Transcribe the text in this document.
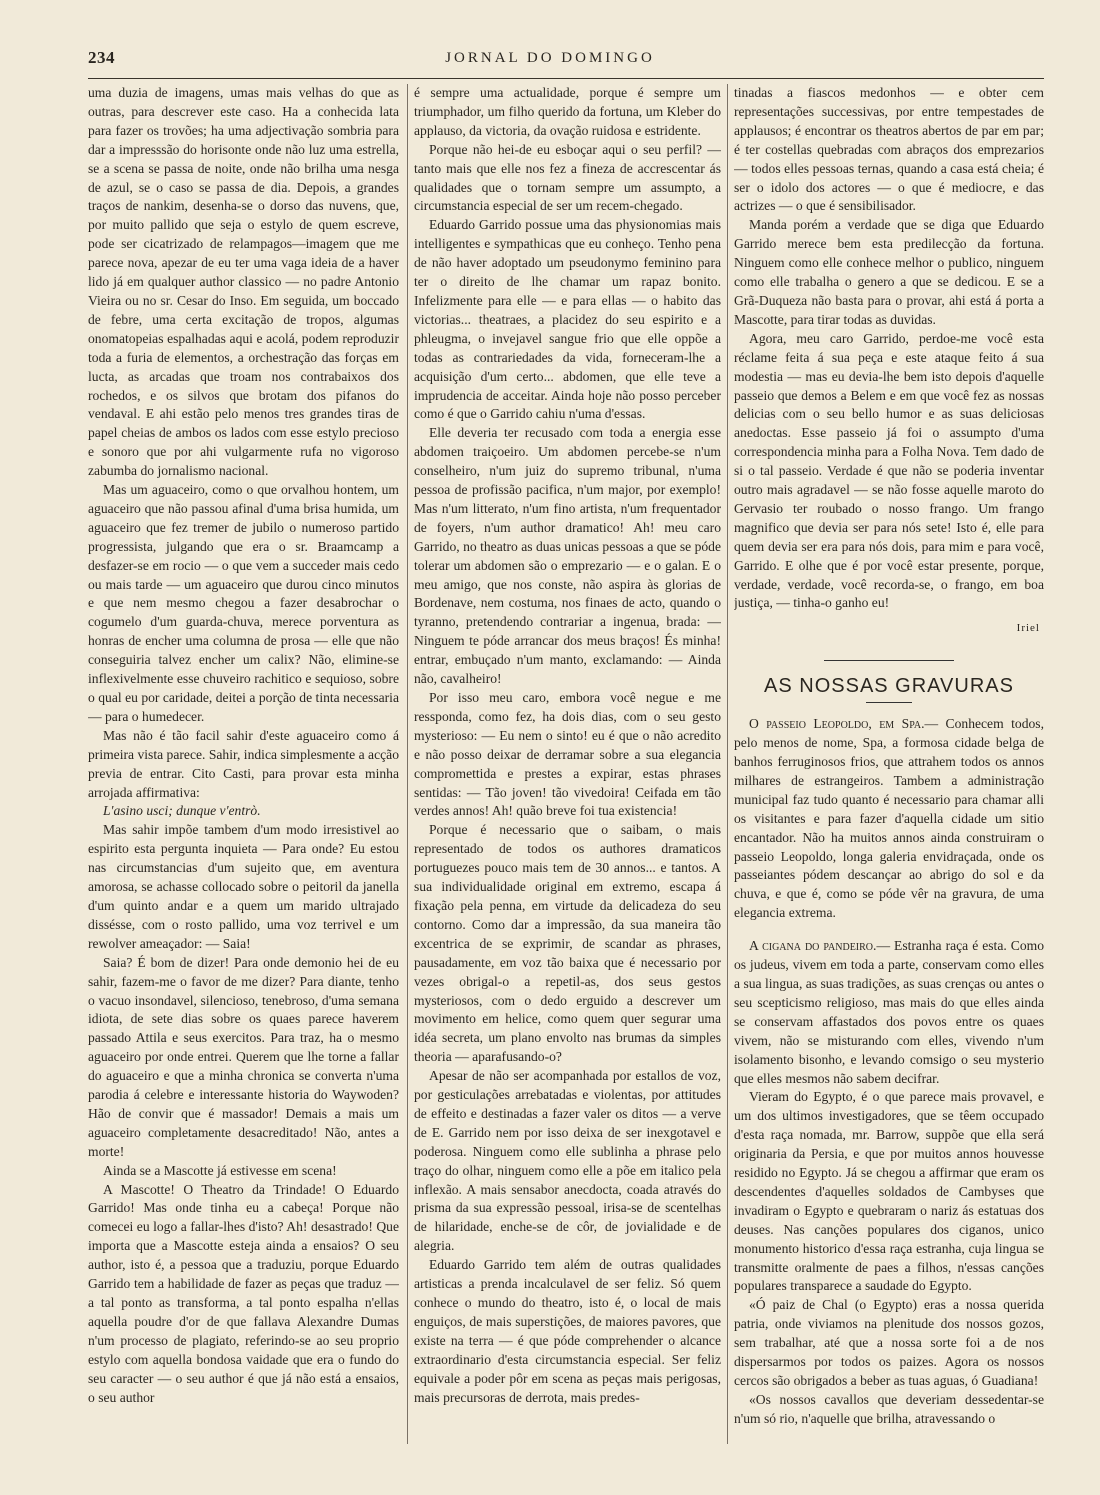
234	JORNAL DO DOMINGO

uma duzia de imagens, umas mais velhas do que as outras, para descrever este caso. Ha a conhecida lata para fazer os trovões; ha uma adjectivação sombria para dar a impresssão do horisonte onde não luz uma estrella, se a scena se passa de noite, onde não brilha uma nesga de azul, se o caso se passa de dia. Depois, a grandes traços de nankim, desenha-se o dorso das nuvens, que, por muito pallido que seja o estylo de quem escreve, pode ser cicatrizado de relampagos—imagem que me parece nova, apezar de eu ter uma vaga ideia de a haver lido já em qualquer author classico — no padre Antonio Vieira ou no sr. Cesar do Inso. Em seguida, um boccado de febre, uma certa excitação de tropos, algumas onomatopeias espalhadas aqui e acolá, podem reproduzir toda a furia de elementos, a orchestração das forças em lucta, as arcadas que troam nos contrabaixos dos rochedos, e os silvos que brotam dos pifanos do vendaval. E ahi estão pelo menos tres grandes tiras de papel cheias de ambos os lados com esse estylo precioso e sonoro que por ahi vulgarmente rufa no vigoroso zabumba do jornalismo nacional.

Mas um aguaceiro, como o que orvalhou hontem, um aguaceiro que não passou afinal d'uma brisa humida, um aguaceiro que fez tremer de jubilo o numeroso partido progressista, julgando que era o sr. Braamcamp a desfazer-se em rocio — o que vem a succeder mais cedo ou mais tarde — um aguaceiro que durou cinco minutos e que nem mesmo chegou a fazer desabrochar o cogumelo d'um guarda-chuva, merece porventura as honras de encher uma columna de prosa — elle que não conseguiria talvez encher um calix? Não, elimine-se inflexivelmente esse chuveiro rachitico e sequioso, sobre o qual eu por caridade, deitei a porção de tinta necessaria — para o humedecer.

Mas não é tão facil sahir d'este aguaceiro como á primeira vista parece. Sahir, indica simplesmente a acção previa de entrar. Cito Casti, para provar esta minha arrojada affirmativa:

L'asino usci; dunque v'entrò.

Mas sahir impõe tambem d'um modo irresistivel ao espirito esta pergunta inquieta — Para onde? Eu estou nas circumstancias d'um sujeito que, em aventura amorosa, se achasse collocado sobre o peitoril da janella d'um quinto andar e a quem um marido ultrajado dissésse, com o rosto pallido, uma voz terrivel e um rewolver ameaçador: — Saia!

Saia? É bom de dizer! Para onde demonio hei de eu sahir, fazem-me o favor de me dizer? Para diante, tenho o vacuo insondavel, silencioso, tenebroso, d'uma semana idiota, de sete dias sobre os quaes parece haverem passado Attila e seus exercitos. Para traz, ha o mesmo aguaceiro por onde entrei. Querem que lhe torne a fallar do aguaceiro e que a minha chronica se converta n'uma parodia á celebre e interessante historia do Waywoden? Hão de convir que é massador! Demais a mais um aguaceiro completamente desacreditado! Não, antes a morte!

Ainda se a Mascotte já estivesse em scena!

A Mascotte! O Theatro da Trindade! O Eduardo Garrido! Mas onde tinha eu a cabeça! Porque não comecei eu logo a fallar-lhes d'isto? Ah! desastrado! Que importa que a Mascotte esteja ainda a ensaios? O seu author, isto é, a pessoa que a traduziu, porque Eduardo Garrido tem a habilidade de fazer as peças que traduz — a tal ponto as transforma, a tal ponto espalha n'ellas aquella poudre d'or de que fallava Alexandre Dumas n'um processo de plagiato, referindo-se ao seu proprio estylo com aquella bondosa vaidade que era o fundo do seu caracter — o seu author é que já não está a ensaios, o seu author

é sempre uma actualidade, porque é sempre um triumphador, um filho querido da fortuna, um Kleber do applauso, da victoria, da ovação ruidosa e estridente.

Porque não hei-de eu esboçar aqui o seu perfil? — tanto mais que elle nos fez a fineza de accrescentar ás qualidades que o tornam sempre um assumpto, a circumstancia especial de ser um recem-chegado.

Eduardo Garrido possue uma das physionomias mais intelligentes e sympathicas que eu conheço. Tenho pena de não haver adoptado um pseudonymo feminino para ter o direito de lhe chamar um rapaz bonito. Infelizmente para elle — e para ellas — o habito das victorias... theatraes, a placidez do seu espirito e a phleugma, o invejavel sangue frio que elle oppõe a todas as contrariedades da vida, forneceram-lhe a acquisição d'um certo... abdomen, que elle teve a imprudencia de acceitar. Ainda hoje não posso perceber como é que o Garrido cahiu n'uma d'essas.

Elle deveria ter recusado com toda a energia esse abdomen traiçoeiro. Um abdomen percebe-se n'um conselheiro, n'um juiz do supremo tribunal, n'uma pessoa de profissão pacifica, n'um major, por exemplo! Mas n'um litterato, n'um fino artista, n'um frequentador de foyers, n'um author dramatico! Ah! meu caro Garrido, no theatro as duas unicas pessoas a que se póde tolerar um abdomen são o emprezario — e o galan. E o meu amigo, que nos conste, não aspira às glorias de Bordenave, nem costuma, nos finaes de acto, quando o tyranno, pretendendo contrariar a ingenua, brada: — Ninguem te póde arrancar dos meus braços! És minha! entrar, embuçado n'um manto, exclamando: — Ainda não, cavalheiro!

Por isso meu caro, embora você negue e me ressponda, como fez, ha dois dias, com o seu gesto mysterioso: — Eu nem o sinto! eu é que o não acredito e não posso deixar de derramar sobre a sua elegancia compromettida e prestes a expirar, estas phrases sentidas: — Tão joven! tão vivedoira! Ceifada em tão verdes annos! Ah! quão breve foi tua existencia!

Porque é necessario que o saibam, o mais representado de todos os authores dramaticos portuguezes pouco mais tem de 30 annos... e tantos. A sua individualidade original em extremo, escapa á fixação pela penna, em virtude da delicadeza do seu contorno. Como dar a impressão, da sua maneira tão excentrica de se exprimir, de scandar as phrases, pausadamente, em voz tão baixa que é necessario por vezes obrigal-o a repetil-as, dos seus gestos mysteriosos, com o dedo erguido a descrever um movimento em helice, como quem quer segurar uma idéa secreta, um plano envolto nas brumas da simples theoria — aparafusando-o?

Apesar de não ser acompanhada por estallos de voz, por gesticulações arrebatadas e violentas, por attitudes de effeito e destinadas a fazer valer os ditos — a verve de E. Garrido nem por isso deixa de ser inexgotavel e poderosa. Ninguem como elle sublinha a phrase pelo traço do olhar, ninguem como elle a põe em italico pela inflexão. A mais sensabor anecdocta, coada através do prisma da sua expressão pessoal, irisa-se de scentelhas de hilaridade, enche-se de côr, de jovialidade e de alegria.

Eduardo Garrido tem além de outras qualidades artisticas a prenda incalculavel de ser feliz. Só quem conhece o mundo do theatro, isto é, o local de mais enguiços, de mais superstições, de maiores pavores, que existe na terra — é que póde comprehender o alcance extraordinario d'esta circumstancia especial. Ser feliz equivale a poder pôr em scena as peças mais perigosas, mais precursoras de derrota, mais predes-

tinadas a fiascos medonhos — e obter cem representações successivas, por entre tempestades de applausos; é encontrar os theatros abertos de par em par; é ter costellas quebradas com abraços dos emprezarios — todos elles pessoas ternas, quando a casa está cheia; é ser o idolo dos actores — o que é mediocre, e das actrizes — o que é sensibilisador.

Manda porém a verdade que se diga que Eduardo Garrido merece bem esta predilecção da fortuna. Ninguem como elle conhece melhor o publico, ninguem como elle trabalha o genero a que se dedicou. E se a Grã-Duqueza não basta para o provar, ahi está á porta a Mascotte, para tirar todas as duvidas.

Agora, meu caro Garrido, perdoe-me você esta réclame feita á sua peça e este ataque feito á sua modestia — mas eu devia-lhe bem isto depois d'aquelle passeio que demos a Belem e em que você fez as nossas delicias com o seu bello humor e as suas deliciosas anedoctas. Esse passeio já foi o assumpto d'uma correspondencia minha para a Folha Nova. Tem dado de si o tal passeio. Verdade é que não se poderia inventar outro mais agradavel — se não fosse aquelle maroto do Gervasio ter roubado o nosso frango. Um frango magnifico que devia ser para nós sete! Isto é, elle para quem devia ser era para nós dois, para mim e para você, Garrido. E olhe que é por você estar presente, porque, verdade, verdade, você recorda-se, o frango, em boa justiça, — tinha-o ganho eu!

Iriel

AS NOSSAS GRAVURAS

O passeio Leopoldo, em Spa.— Conhecem todos, pelo menos de nome, Spa, a formosa cidade belga de banhos ferruginosos frios, que attrahem todos os annos milhares de estrangeiros. Tambem a administração municipal faz tudo quanto é necessario para chamar alli os visitantes e para fazer d'aquella cidade um sitio encantador. Não ha muitos annos ainda construiram o passeio Leopoldo, longa galeria envidraçada, onde os passeiantes pódem descançar ao abrigo do sol e da chuva, e que é, como se póde vêr na gravura, de uma elegancia extrema.

A cigana do pandeiro.— Estranha raça é esta. Como os judeus, vivem em toda a parte, conservam como elles a sua lingua, as suas tradições, as suas crenças ou antes o seu scepticismo religioso, mas mais do que elles ainda se conservam affastados dos povos entre os quaes vivem, não se misturando com elles, vivendo n'um isolamento bisonho, e levando comsigo o seu mysterio que elles mesmos não sabem decifrar.

Vieram do Egypto, é o que parece mais provavel, e um dos ultimos investigadores, que se têem occupado d'esta raça nomada, mr. Barrow, suppõe que ella será originaria da Persia, e que por muitos annos houvesse residido no Egypto. Já se chegou a affirmar que eram os descendentes d'aquelles soldados de Cambyses que invadiram o Egypto e quebraram o nariz ás estatuas dos deuses. Nas canções populares dos ciganos, unico monumento historico d'essa raça estranha, cuja lingua se transmitte oralmente de paes a filhos, n'essas canções populares transparece a saudade do Egypto.

«Ó paiz de Chal (o Egypto) eras a nossa querida patria, onde viviamos na plenitude dos nossos gozos, sem trabalhar, até que a nossa sorte foi a de nos dispersarmos por todos os paizes. Agora os nossos cercos são obrigados a beber as tuas aguas, ó Guadiana!

«Os nossos cavallos que deveriam dessedentar-se n'um só rio, n'aquelle que brilha, atravessando o
